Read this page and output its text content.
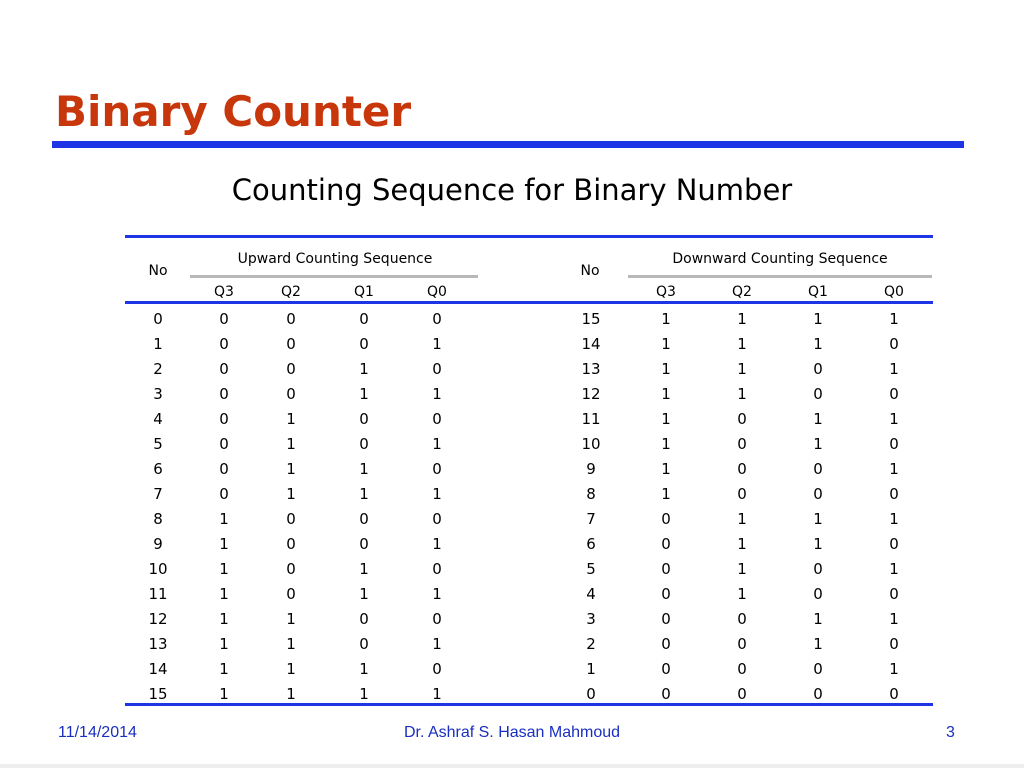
Binary Counter
Counting Sequence for Binary Number
Upward Counting Sequence	Downward Counting Sequence
No	No
Q3	Q2	Q1	Q0	Q3	Q2	Q1	Q0
0	0	0	0	0	15	1	1	1	1
1	0	0	0	1	14	1	1	1	0
2	0	0	1	0	13	1	1	0	1
3	0	0	1	1	12	1	1	0	0
4	0	1	0	0	11	1	0	1	1
5	0	1	0	1	10	1	0	1	0
6	0	1	1	0	9	1	0	0	1
7	0	1	1	1	8	1	0	0	0
8	1	0	0	0	7	0	1	1	1
9	1	0	0	1	6	0	1	1	0
10	1	0	1	0	5	0	1	0	1
11	1	0	1	1	4	0	1	0	0
12	1	1	0	0	3	0	0	1	1
13	1	1	0	1	2	0	0	1	0
14	1	1	1	0	1	0	0	0	1
15	1	1	1	1	0	0	0	0	0
11/14/2014	Dr. Ashraf S. Hasan Mahmoud	3
